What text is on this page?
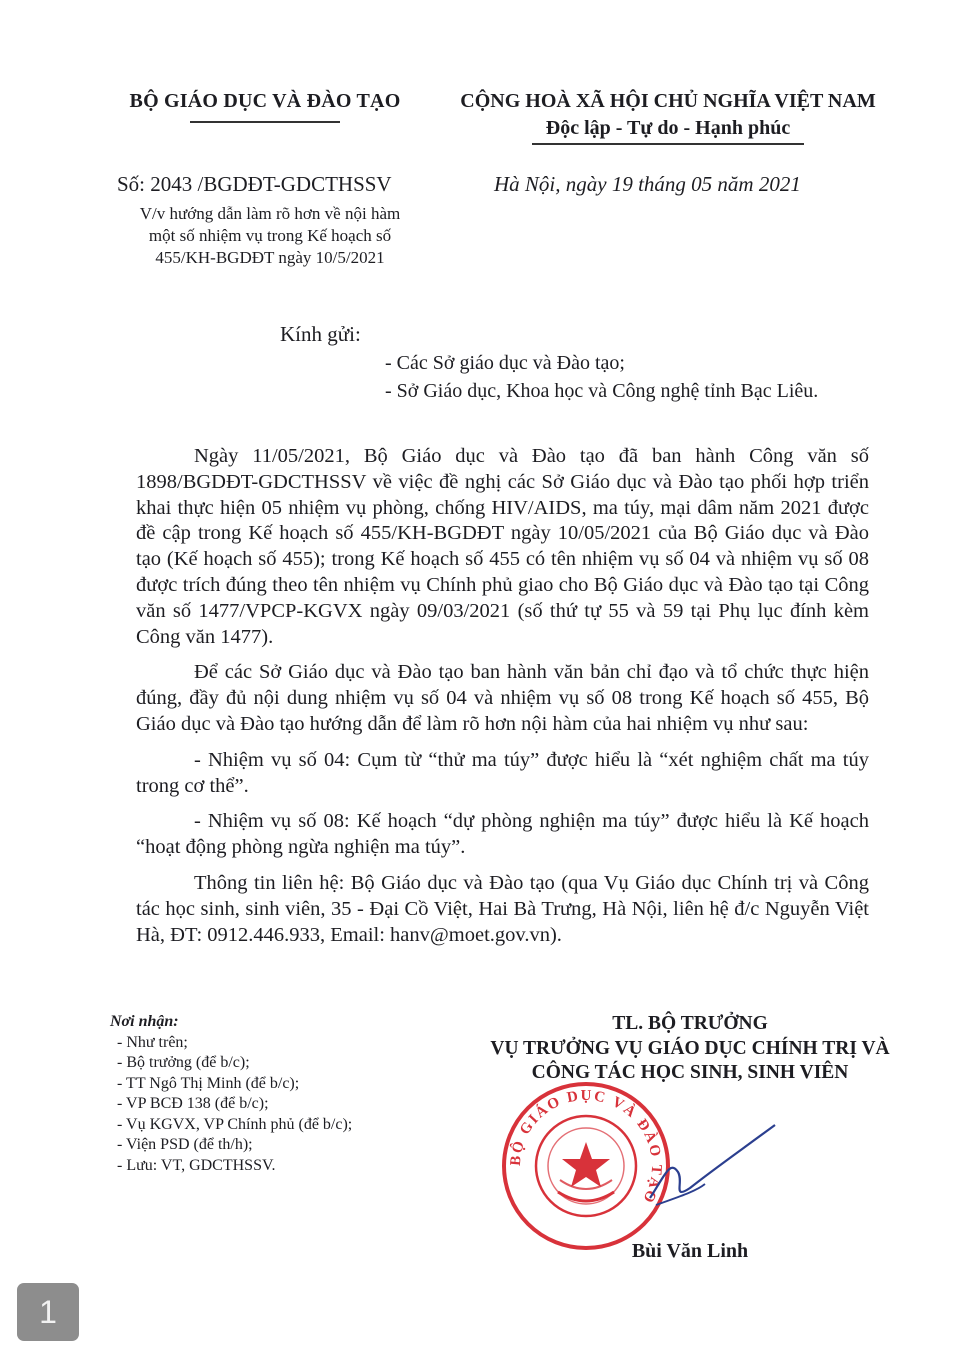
BỘ GIÁO DỤC VÀ ĐÀO TẠO	CỘNG HOÀ XÃ HỘI CHỦ NGHĨA VIỆT NAM
Độc lập - Tự do - Hạnh phúc
Số: 2043 /BGDĐT-GDCTHSSV	Hà Nội, ngày 19 tháng 05 năm 2021
V/v hướng dẫn làm rõ hơn về nội hàm
một số nhiệm vụ trong Kế hoạch số
455/KH-BGDĐT ngày 10/5/2021
Kính gửi:
- Các Sở giáo dục và Đào tạo;
- Sở Giáo dục, Khoa học và Công nghệ tỉnh Bạc Liêu.

Ngày 11/05/2021, Bộ Giáo dục và Đào tạo đã ban hành Công văn số 1898/BGDĐT-GDCTHSSV về việc đề nghị các Sở Giáo dục và Đào tạo phối hợp triển khai thực hiện 05 nhiệm vụ phòng, chống HIV/AIDS, ma túy, mại dâm năm 2021 được đề cập trong Kế hoạch số 455/KH-BGDĐT ngày 10/05/2021 của Bộ Giáo dục và Đào tạo (Kế hoạch số 455); trong Kế hoạch số 455 có tên nhiệm vụ số 04 và nhiệm vụ số 08 được trích đúng theo tên nhiệm vụ Chính phủ giao cho Bộ Giáo dục và Đào tạo tại Công văn số 1477/VPCP-KGVX ngày 09/03/2021 (số thứ tự 55 và 59 tại Phụ lục đính kèm Công văn 1477).

Để các Sở Giáo dục và Đào tạo ban hành văn bản chỉ đạo và tổ chức thực hiện đúng, đầy đủ nội dung nhiệm vụ số 04 và nhiệm vụ số 08 trong Kế hoạch số 455, Bộ Giáo dục và Đào tạo hướng dẫn để làm rõ hơn nội hàm của hai nhiệm vụ như sau:

- Nhiệm vụ số 04: Cụm từ “thử ma túy” được hiểu là “xét nghiệm chất ma túy trong cơ thể”.

- Nhiệm vụ số 08: Kế hoạch “dự phòng nghiện ma túy” được hiểu là Kế hoạch “hoạt động phòng ngừa nghiện ma túy”.

Thông tin liên hệ: Bộ Giáo dục và Đào tạo (qua Vụ Giáo dục Chính trị và Công tác học sinh, sinh viên, 35 - Đại Cồ Việt, Hai Bà Trưng, Hà Nội, liên hệ đ/c Nguyễn Việt Hà, ĐT: 0912.446.933, Email: hanv@moet.gov.vn).

Nơi nhận:
- Như trên;
- Bộ trưởng (để b/c);
- TT Ngô Thị Minh (để b/c);
- VP BCĐ 138 (để b/c);
- Vụ KGVX, VP Chính phủ (để b/c);
- Viện PSD (để th/h);
- Lưu: VT, GDCTHSSV.
TL. BỘ TRƯỞNG
VỤ TRƯỞNG VỤ GIÁO DỤC CHÍNH TRỊ VÀ
CÔNG TÁC HỌC SINH, SINH VIÊN
BỘ GIÁO DỤC VÀ ĐÀO TẠO
Bùi Văn Linh
1
